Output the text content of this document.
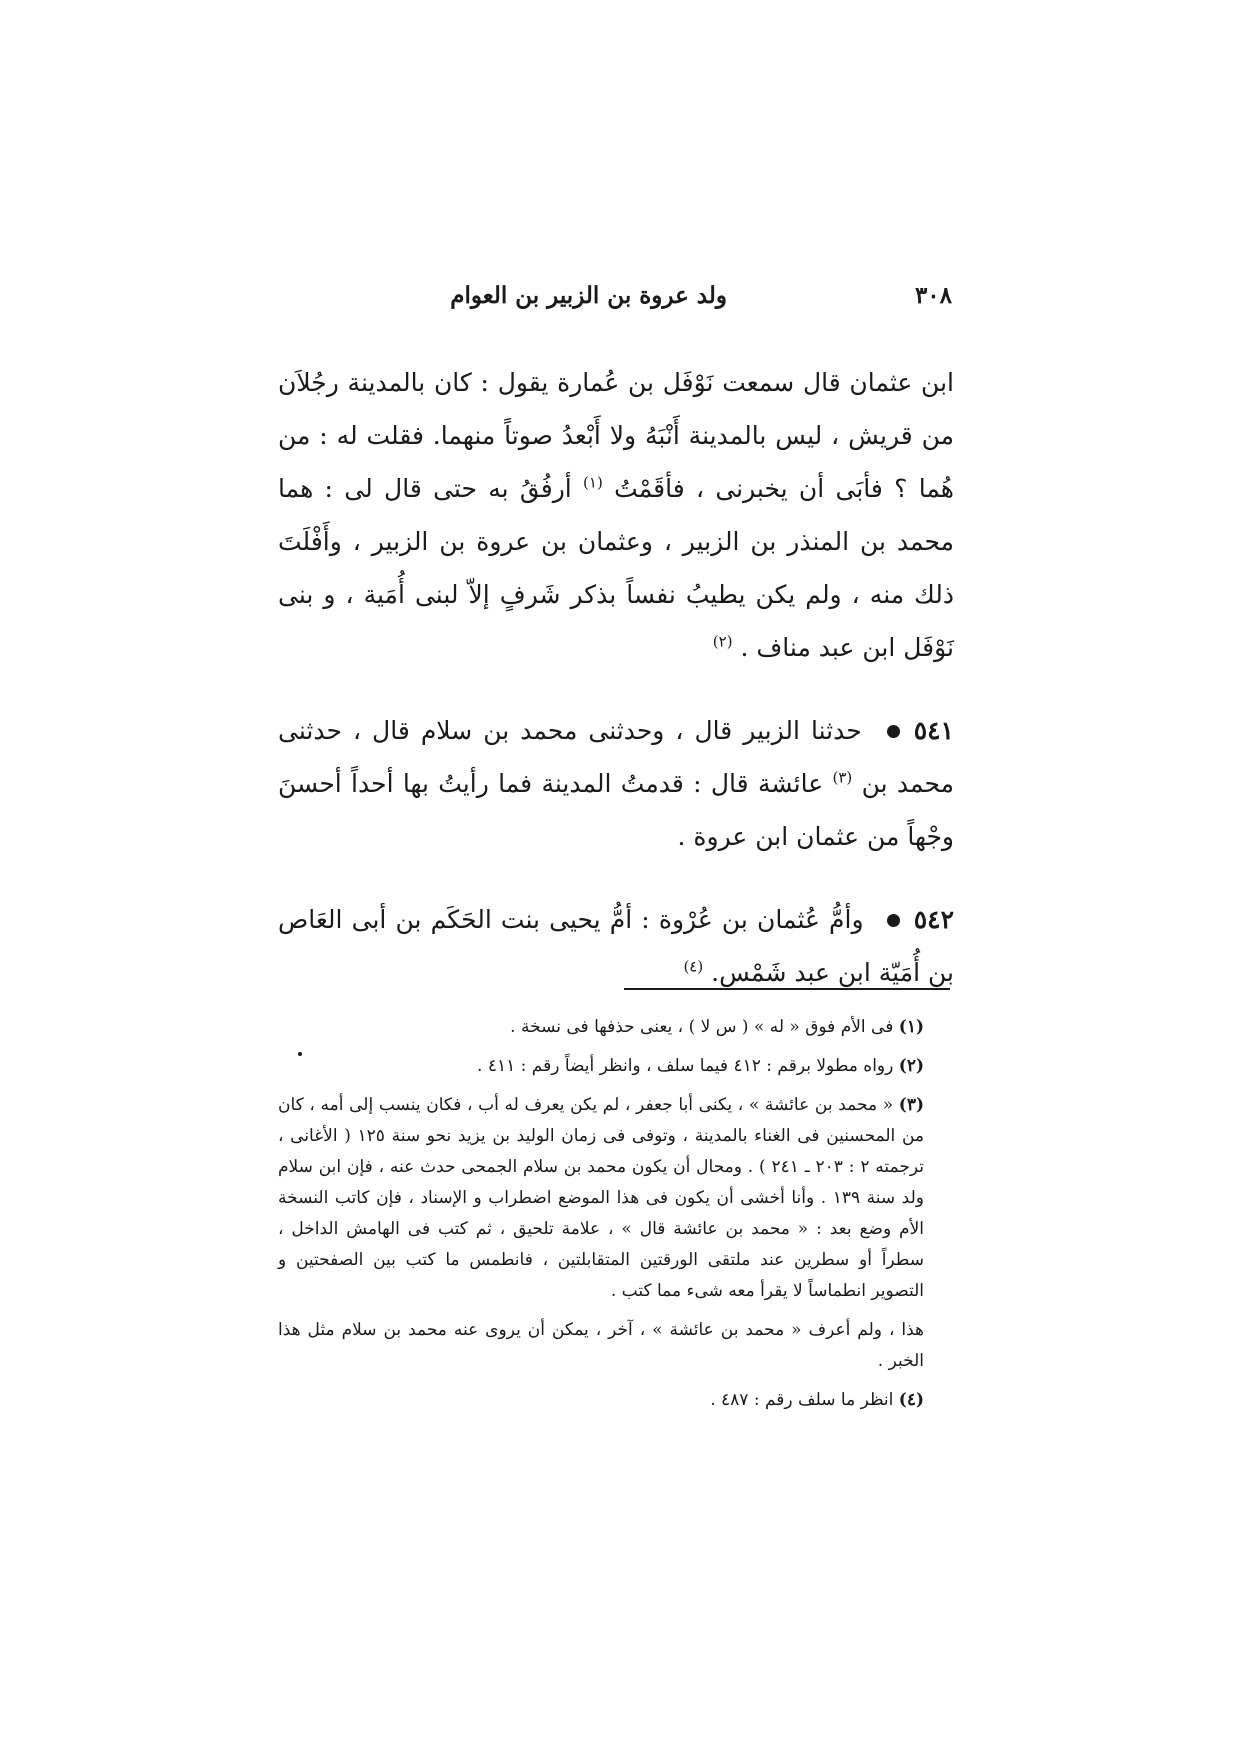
٣٠٨
ولد عروة بن الزبير بن العوام

ابن عثمان قال سمعت نَوْفَل بن عُمارة يقول : كان بالمدينة رجُلاَن من قريش ، ليس بالمدينة أَنْبَهُ ولا أَبْعدُ صوتاً منهما. فقلت له : من هُما ؟ فأبَى أن يخبرنى ، فأقَمْتُ $^{(١)}$ أرفُقُ به حتى قال لى : هما محمد بن المنذر بن الزبير ، وعثمان بن عروة بن الزبير ، وأَفْلَتَ ذلك منه ، ولم يكن يطيبُ نفساً بذكر شَرفٍ إلاّ لبنى أُمَية ، و بنى نَوْفَل ابن عبد مناف . $^{(٢)}$

٥٤١ حدثنا الزبير قال ، وحدثنى محمد بن سلام قال ، حدثنى محمد بن $^{(٣)}$ عائشة قال : قدمتُ المدينة فما رأيتُ بها أحداً أحسنَ وجْهاً من عثمان ابن عروة .

٥٤٢ وأمُّ عُثمان بن عُرْوة : أمُّ يحيى بنت الحَكَم بن أبى العَاص بن أُمَيّة ابن عبد شَمْس. $^{(٤)}$

(١) فى الأم فوق « له » ( س لا ) ، يعنى حذفها فى نسخة .

(٢) رواه مطولا برقم : ٤١٢ فيما سلف ، وانظر أيضاً رقم : ٤١١ .

(٣) « محمد بن عائشة » ، يكنى أبا جعفر ، لم يكن يعرف له أب ، فكان ينسب إلى أمه ، كان من المحسنين فى الغناء بالمدينة ، وتوفى فى زمان الوليد بن يزيد نحو سنة ١٢٥ ( الأغانى ، ترجمته ٢ : ٢٠٣ ـ ٢٤١ ) . ومحال أن يكون محمد بن سلام الجمحى حدث عنه ، فإن ابن سلام ولد سنة ١٣٩ . وأنا أخشى أن يكون فى هذا الموضع اضطراب و الإسناد ، فإن كاتب النسخة الأم وضع بعد : « محمد بن عائشة قال » ، علامة تلحيق ، ثم كتب فى الهامش الداخل ، سطراً أو سطرين عند ملتقى الورقتين المتقابلتين ، فانطمس ما كتب بين الصفحتين و التصوير انطماساً لا يقرأ معه شىء مما كتب .

هذا ، ولم أعرف « محمد بن عائشة » ، آخر ، يمكن أن يروى عنه محمد بن سلام مثل هذا الخبر .

(٤) انظر ما سلف رقم : ٤٨٧ .
